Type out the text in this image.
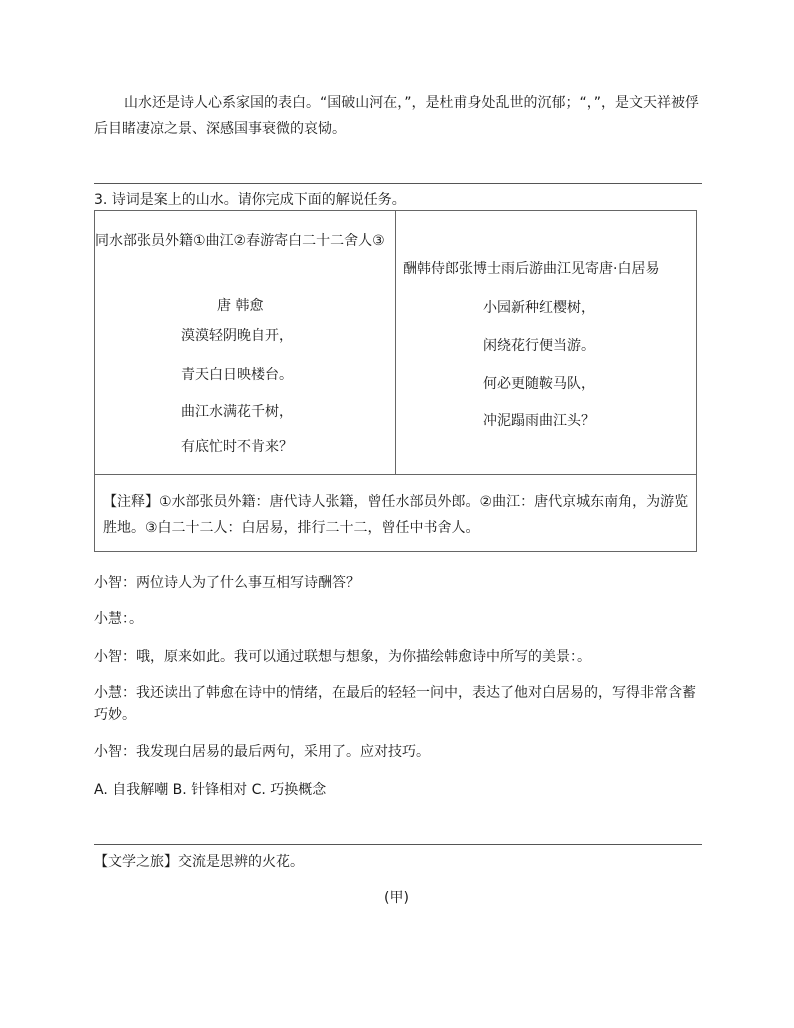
山水还是诗人心系家国的表白。“国破山河在，”，是杜甫身处乱世的沉郁；“，”，是文天祥被俘后目睹凄凉之景、深感国事衰微的哀恸。
3. 诗词是案上的山水。请你完成下面的解说任务。
同水部张员外籍①曲江②春游寄白二十二舍人③
唐 韩愈
漠漠轻阴晚自开，
青天白日映楼台。
曲江水满花千树，
有底忙时不肯来？
酬韩侍郎张博士雨后游曲江见寄唐·白居易
小园新种红樱树，
闲绕花行便当游。
何必更随鞍马队，
冲泥蹋雨曲江头？
【注释】①水部张员外籍：唐代诗人张籍，曾任水部员外郎。②曲江：唐代京城东南角，为游览胜地。③白二十二人：白居易，排行二十二，曾任中书舍人。
小智：两位诗人为了什么事互相写诗酬答？
小慧：。
小智：哦，原来如此。我可以通过联想与想象，为你描绘韩愈诗中所写的美景：。
小慧：我还读出了韩愈在诗中的情绪，在最后的轻轻一问中，表达了他对白居易的，写得非常含蓄巧妙。
小智：我发现白居易的最后两句，采用了。应对技巧。
A. 自我解嘲 B. 针锋相对 C. 巧换概念
【文学之旅】交流是思辨的火花。
(甲)
